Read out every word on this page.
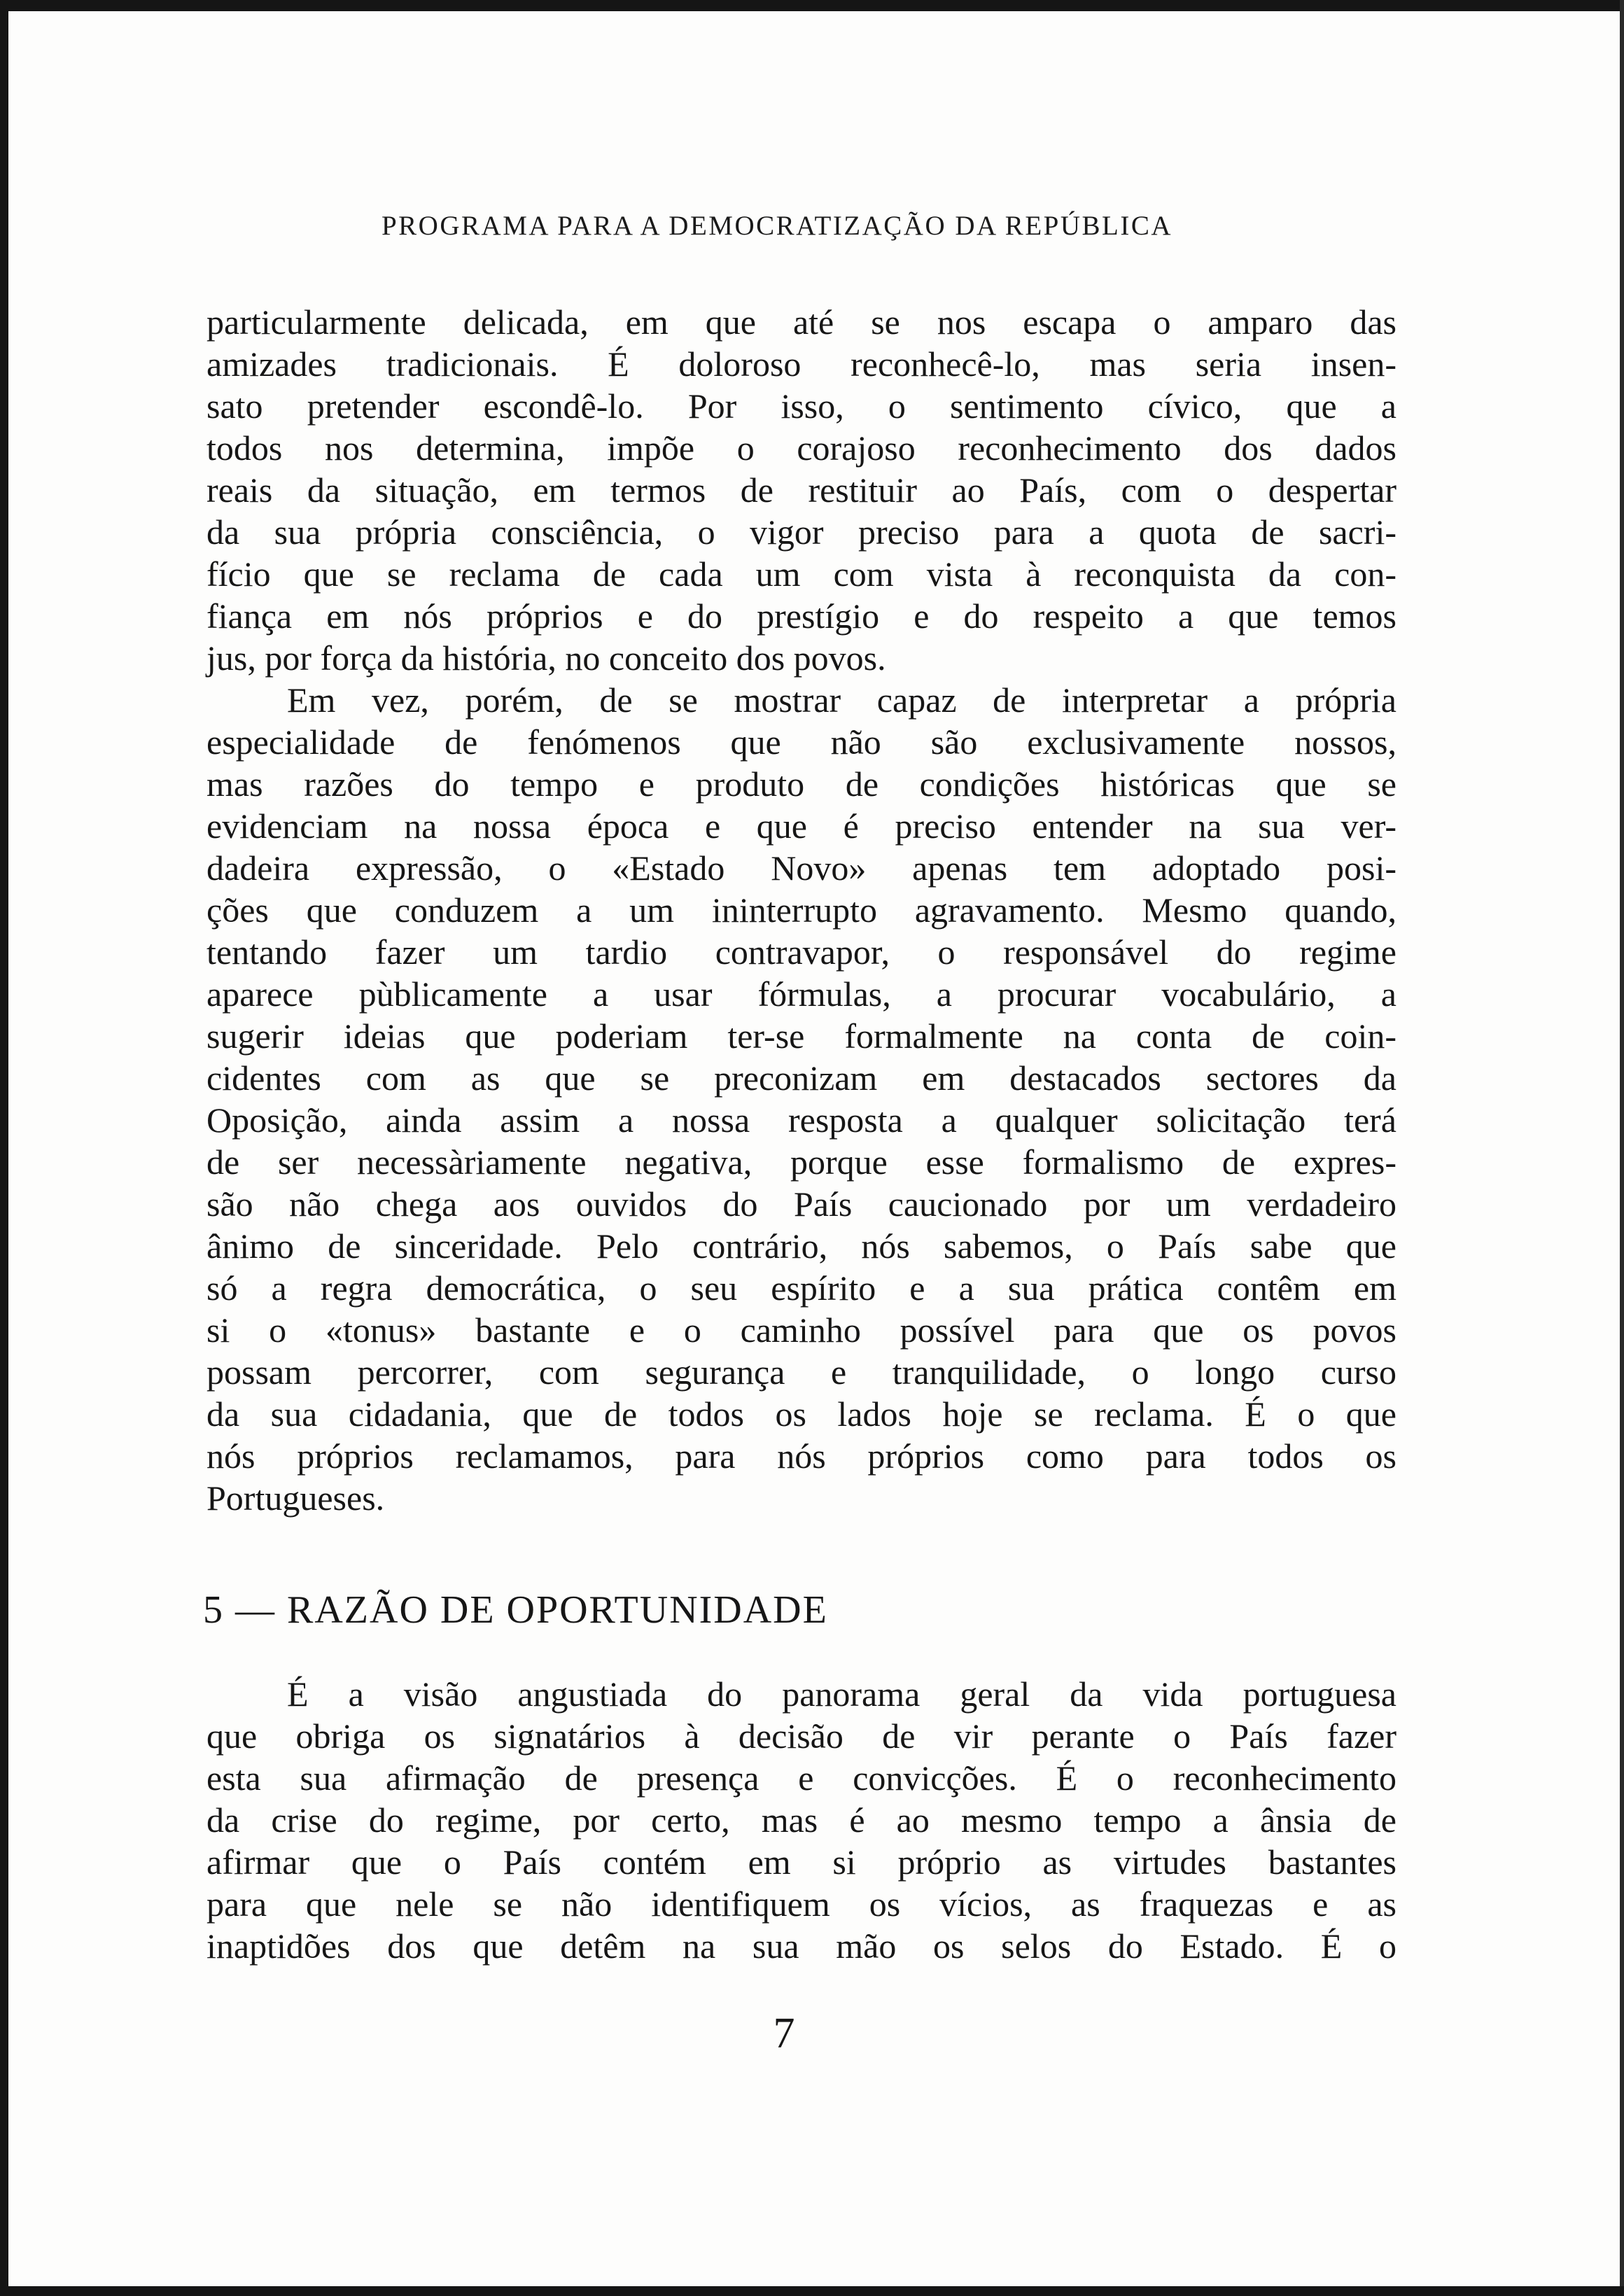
PROGRAMA PARA A DEMOCRATIZAÇÃO DA REPÚBLICA
particularmente delicada, em que até se nos escapa o amparo das
amizades tradicionais. É doloroso reconhecê-lo, mas seria insen-
sato pretender escondê-lo. Por isso, o sentimento cívico, que a
todos nos determina, impõe o corajoso reconhecimento dos dados
reais da situação, em termos de restituir ao País, com o despertar
da sua própria consciência, o vigor preciso para a quota de sacri-
fício que se reclama de cada um com vista à reconquista da con-
fiança em nós próprios e do prestígio e do respeito a que temos
jus, por força da história, no conceito dos povos.
Em vez, porém, de se mostrar capaz de interpretar a própria
especialidade de fenómenos que não são exclusivamente nossos,
mas razões do tempo e produto de condições históricas que se
evidenciam na nossa época e que é preciso entender na sua ver-
dadeira expressão, o «Estado Novo» apenas tem adoptado posi-
ções que conduzem a um ininterrupto agravamento. Mesmo quando,
tentando fazer um tardio contravapor, o responsável do regime
aparece pùblicamente a usar fórmulas, a procurar vocabulário, a
sugerir ideias que poderiam ter-se formalmente na conta de coin-
cidentes com as que se preconizam em destacados sectores da
Oposição, ainda assim a nossa resposta a qualquer solicitação terá
de ser necessàriamente negativa, porque esse formalismo de expres-
são não chega aos ouvidos do País caucionado por um verdadeiro
ânimo de sinceridade. Pelo contrário, nós sabemos, o País sabe que
só a regra democrática, o seu espírito e a sua prática contêm em
si o «tonus» bastante e o caminho possível para que os povos
possam percorrer, com segurança e tranquilidade, o longo curso
da sua cidadania, que de todos os lados hoje se reclama. É o que
nós próprios reclamamos, para nós próprios como para todos os
Portugueses.
5 — RAZÃO DE OPORTUNIDADE
É a visão angustiada do panorama geral da vida portuguesa
que obriga os signatários à decisão de vir perante o País fazer
esta sua afirmação de presença e convicções. É o reconhecimento
da crise do regime, por certo, mas é ao mesmo tempo a ânsia de
afirmar que o País contém em si próprio as virtudes bastantes
para que nele se não identifiquem os vícios, as fraquezas e as
inaptidões dos que detêm na sua mão os selos do Estado. É o
7
